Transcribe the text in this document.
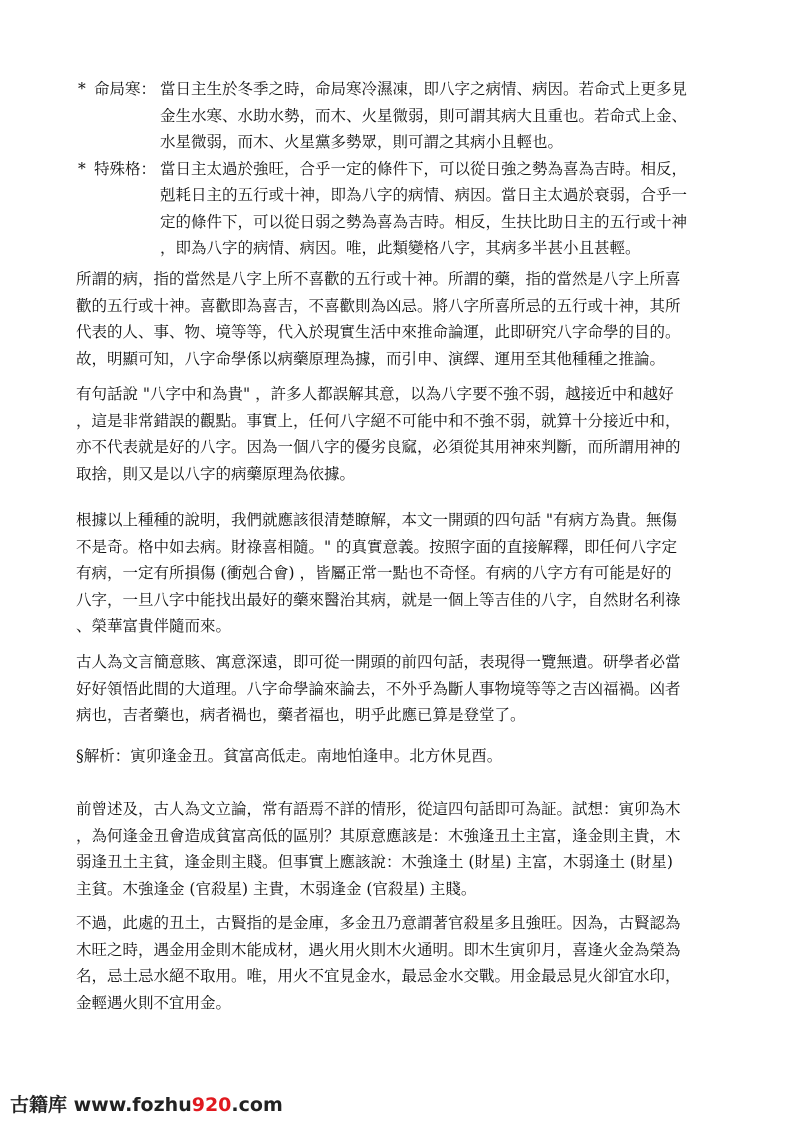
* 命局寒： 當日主生於冬季之時，命局寒冷濕凍，即八字之病情、病因。若命式上更多見

金生水寒、水助水勢，而木、火星微弱，則可謂其病大且重也。若命式上金、

水星微弱，而木、火星黨多勢眾，則可謂之其病小且輕也。

* 特殊格： 當日主太過於強旺，合乎一定的條件下，可以從日強之勢為喜為吉時。相反，

剋耗日主的五行或十神，即為八字的病情、病因。當日主太過於衰弱，合乎一

定的條件下，可以從日弱之勢為喜為吉時。相反，生扶比助日主的五行或十神

，即為八字的病情、病因。唯，此類變格八字，其病多半甚小且甚輕。

所謂的病，指的當然是八字上所不喜歡的五行或十神。所謂的藥，指的當然是八字上所喜

歡的五行或十神。喜歡即為喜吉，不喜歡則為凶忌。將八字所喜所忌的五行或十神，其所

代表的人、事、物、境等等，代入於現實生活中來推命論運，此即研究八字命學的目的。

故，明顯可知，八字命學係以病藥原理為據，而引申、演繹、運用至其他種種之推論。

有句話說 "八字中和為貴" ，許多人都誤解其意，以為八字要不強不弱，越接近中和越好

，這是非常錯誤的觀點。事實上，任何八字絕不可能中和不強不弱，就算十分接近中和，

亦不代表就是好的八字。因為一個八字的優劣良窳，必須從其用神來判斷，而所謂用神的

取捨，則又是以八字的病藥原理為依據。

根據以上種種的說明，我們就應該很清楚瞭解，本文一開頭的四句話 "有病方為貴。無傷

不是奇。格中如去病。財祿喜相隨。" 的真實意義。按照字面的直接解釋，即任何八字定

有病，一定有所損傷 (衝剋合會) ，皆屬正常一點也不奇怪。有病的八字方有可能是好的

八字，一旦八字中能找出最好的藥來醫治其病，就是一個上等吉佳的八字，自然財名利祿

、榮華富貴伴隨而來。

古人為文言簡意賅、寓意深遠，即可從一開頭的前四句話，表現得一覽無遺。研學者必當

好好領悟此間的大道理。八字命學論來論去，不外乎為斷人事物境等等之吉凶福禍。凶者

病也，吉者藥也，病者禍也，藥者福也，明乎此應已算是登堂了。

§解析：寅卯逢金丑。貧富高低走。南地怕逢申。北方休見酉。

前曾述及，古人為文立論，常有語焉不詳的情形，從這四句話即可為証。試想：寅卯為木

，為何逢金丑會造成貧富高低的區別？其原意應該是：木強逢丑土主富，逢金則主貴，木

弱逢丑土主貧，逢金則主賤。但事實上應該說：木強逢土 (財星) 主富，木弱逢土 (財星)

主貧。木強逢金 (官殺星) 主貴，木弱逢金 (官殺星) 主賤。

不過，此處的丑土，古賢指的是金庫，多金丑乃意謂著官殺星多且強旺。因為，古賢認為

木旺之時，遇金用金則木能成材，遇火用火則木火通明。即木生寅卯月，喜逢火金為榮為

名，忌土忌水絕不取用。唯，用火不宜見金水，最忌金水交戰。用金最忌見火卻宜水印，

金輕遇火則不宜用金。

古籍库 www.fozhu920.com
